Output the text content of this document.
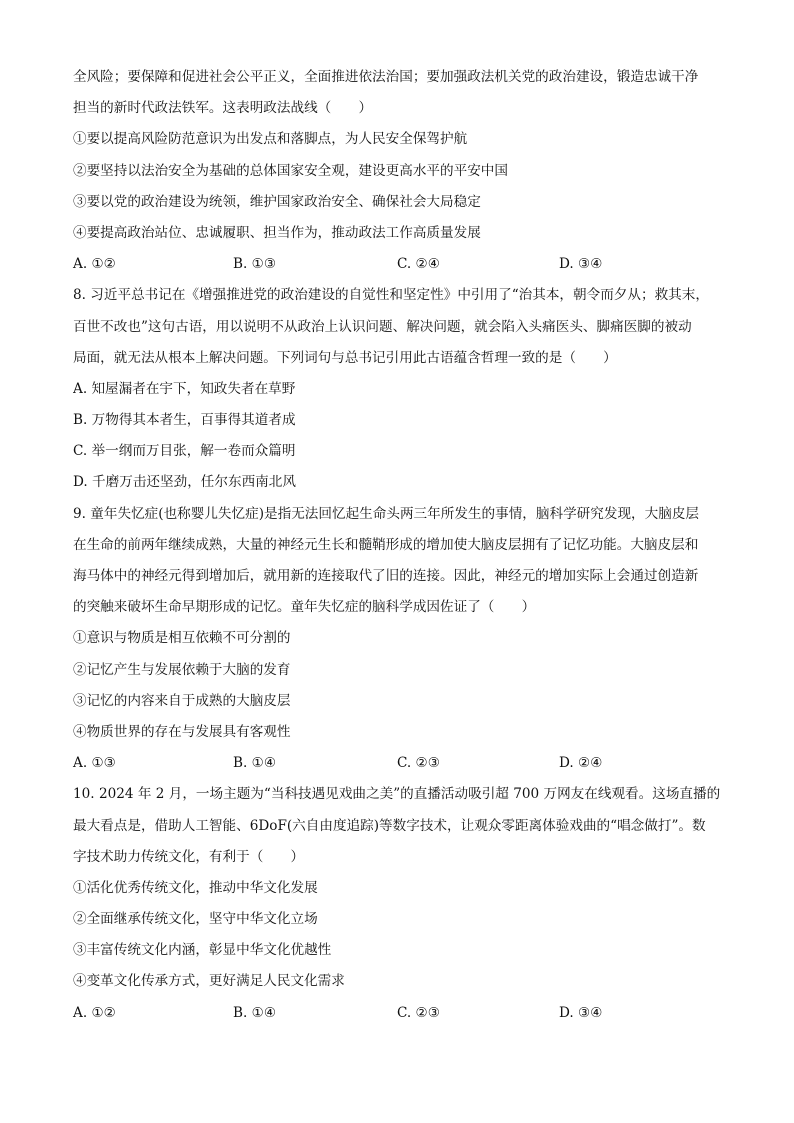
全风险；要保障和促进社会公平正义，全面推进依法治国；要加强政法机关党的政治建设，锻造忠诚干净
担当的新时代政法铁军。这表明政法战线（　　）
①要以提高风险防范意识为出发点和落脚点，为人民安全保驾护航
②要坚持以法治安全为基础的总体国家安全观，建设更高水平的平安中国
③要以党的政治建设为统领，维护国家政治安全、确保社会大局稳定
④要提高政治站位、忠诚履职、担当作为，推动政法工作高质量发展
A. ①②	B. ①③	C. ②④	D. ③④
8. 习近平总书记在《增强推进党的政治建设的自觉性和坚定性》中引用了“治其本，朝令而夕从；救其末，
百世不改也”这句古语，用以说明不从政治上认识问题、解决问题，就会陷入头痛医头、脚痛医脚的被动
局面，就无法从根本上解决问题。下列词句与总书记引用此古语蕴含哲理一致的是（　　）
A. 知屋漏者在宇下，知政失者在草野
B. 万物得其本者生，百事得其道者成
C. 举一纲而万目张，解一卷而众篇明
D. 千磨万击还坚劲，任尔东西南北风
9. 童年失忆症(也称婴儿失忆症)是指无法回忆起生命头两三年所发生的事情，脑科学研究发现，大脑皮层
在生命的前两年继续成熟，大量的神经元生长和髓鞘形成的增加使大脑皮层拥有了记忆功能。大脑皮层和
海马体中的神经元得到增加后，就用新的连接取代了旧的连接。因此，神经元的增加实际上会通过创造新
的突触来破坏生命早期形成的记忆。童年失忆症的脑科学成因佐证了（　　）
①意识与物质是相互依赖不可分割的
②记忆产生与发展依赖于大脑的发育
③记忆的内容来自于成熟的大脑皮层
④物质世界的存在与发展具有客观性
A. ①③	B. ①④	C. ②③	D. ②④
10. 2024 年 2 月，一场主题为“当科技遇见戏曲之美”的直播活动吸引超 700 万网友在线观看。这场直播的
最大看点是，借助人工智能、6DoF(六自由度追踪)等数字技术，让观众零距离体验戏曲的“唱念做打”。数
字技术助力传统文化，有利于（　　）
①活化优秀传统文化，推动中华文化发展
②全面继承传统文化，坚守中华文化立场
③丰富传统文化内涵，彰显中华文化优越性
④变革文化传承方式，更好满足人民文化需求
A. ①②	B. ①④	C. ②③	D. ③④
